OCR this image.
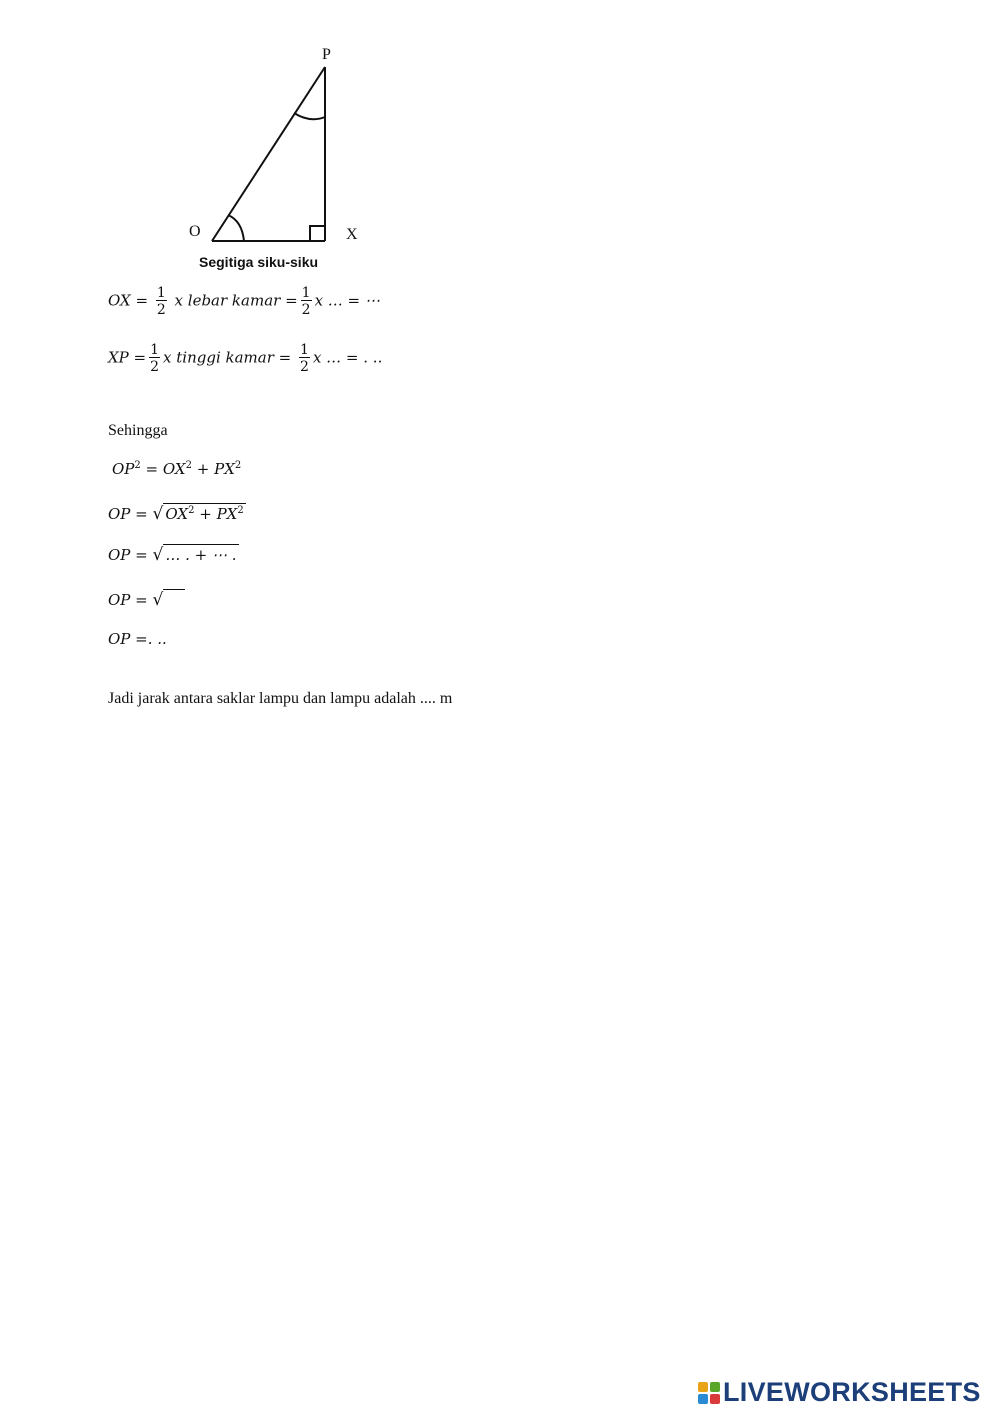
P
O	X
Segitiga siku-siku
OX = $\frac{1}{2}$ x lebar kamar = $\frac{1}{2}$ x … = ⋯
XP = $\frac{1}{2}$ x tinggi kamar = $\frac{1}{2}$ x … = . ..
Sehingga
$OP^2 = OX^2 + PX^2$
OP = √ $OX^2 + PX^2$
OP = √ … . + ⋯ .
OP = √
OP =. ..
Jadi jarak antara saklar lampu dan lampu adalah .... m
LIVEWORKSHEETS
